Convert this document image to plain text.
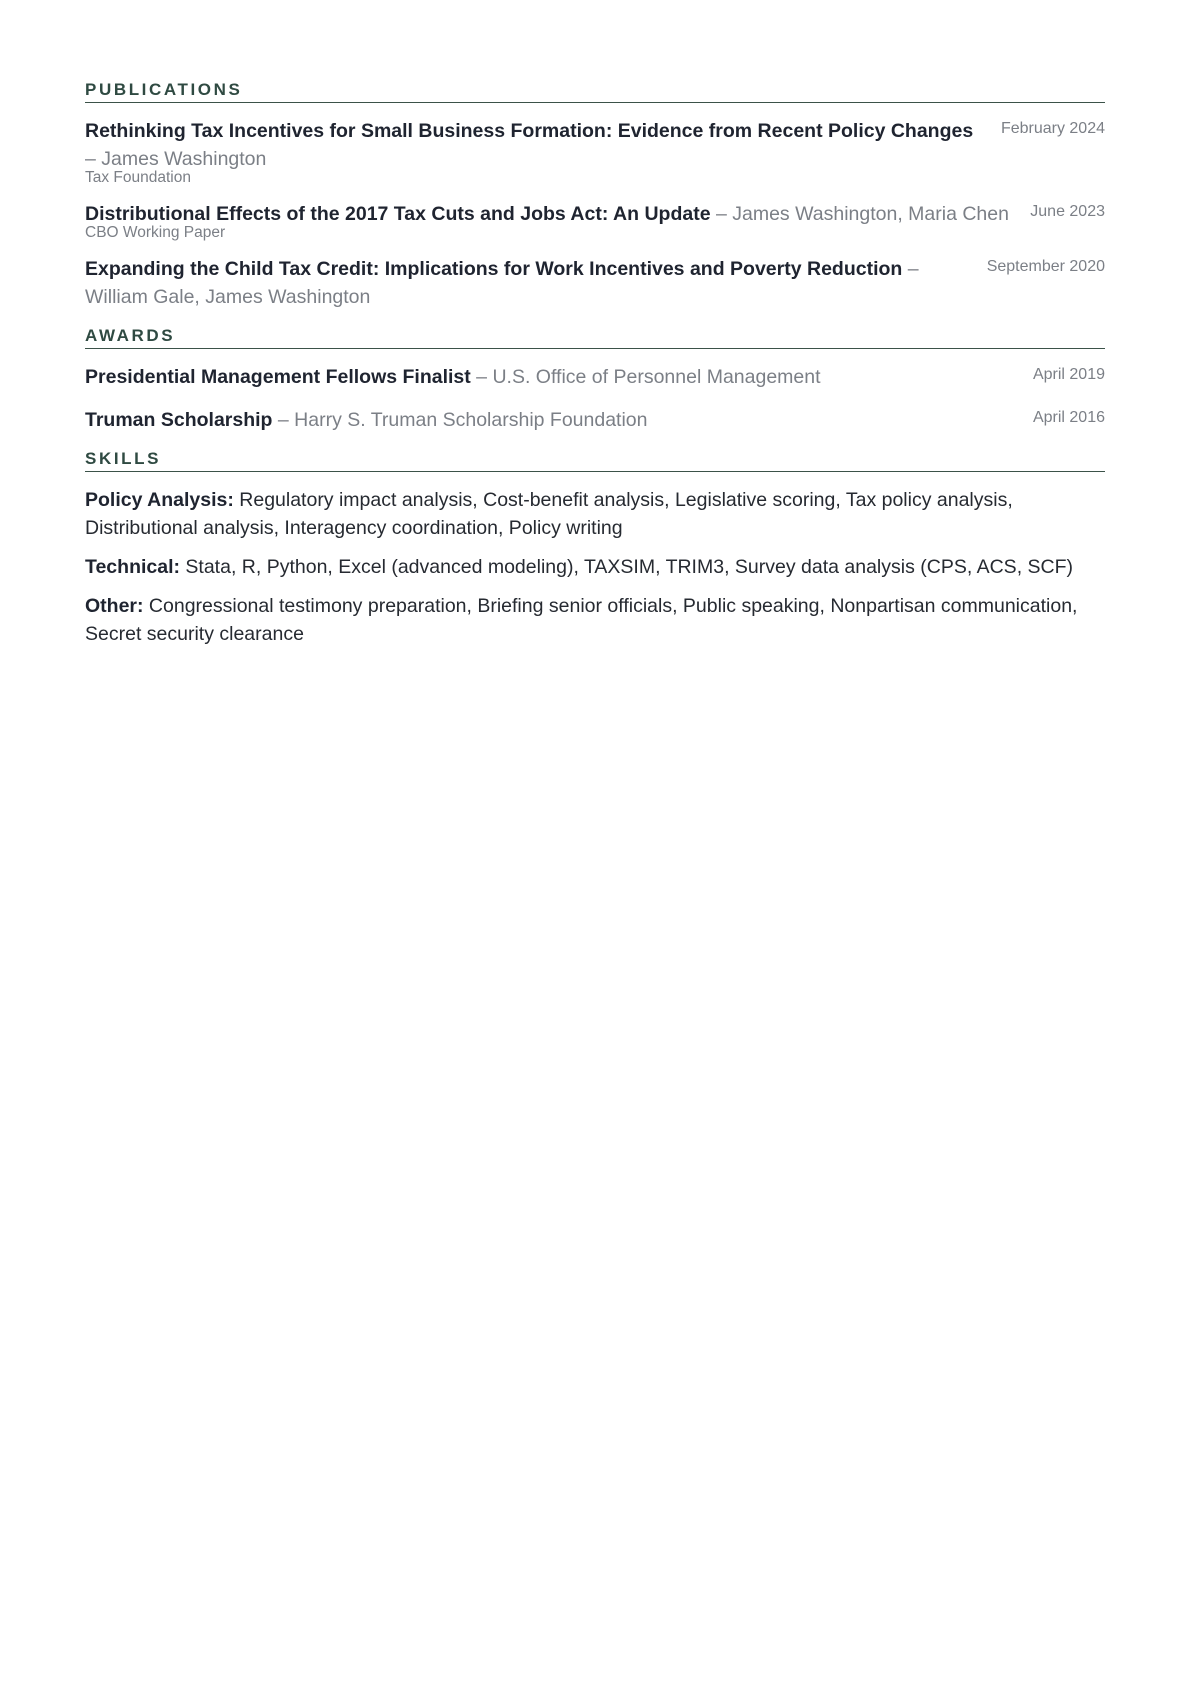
PUBLICATIONS
Rethinking Tax Incentives for Small Business Formation: Evidence from Recent Policy Changes – James Washington
Tax Foundation
February 2024
Distributional Effects of the 2017 Tax Cuts and Jobs Act: An Update – James Washington, Maria Chen
CBO Working Paper
June 2023
Expanding the Child Tax Credit: Implications for Work Incentives and Poverty Reduction – William Gale, James Washington
September 2020
AWARDS
Presidential Management Fellows Finalist – U.S. Office of Personnel Management	April 2019
Truman Scholarship – Harry S. Truman Scholarship Foundation	April 2016
SKILLS
Policy Analysis: Regulatory impact analysis, Cost-benefit analysis, Legislative scoring, Tax policy analysis, Distributional analysis, Interagency coordination, Policy writing
Technical: Stata, R, Python, Excel (advanced modeling), TAXSIM, TRIM3, Survey data analysis (CPS, ACS, SCF)
Other: Congressional testimony preparation, Briefing senior officials, Public speaking, Nonpartisan communication, Secret security clearance
